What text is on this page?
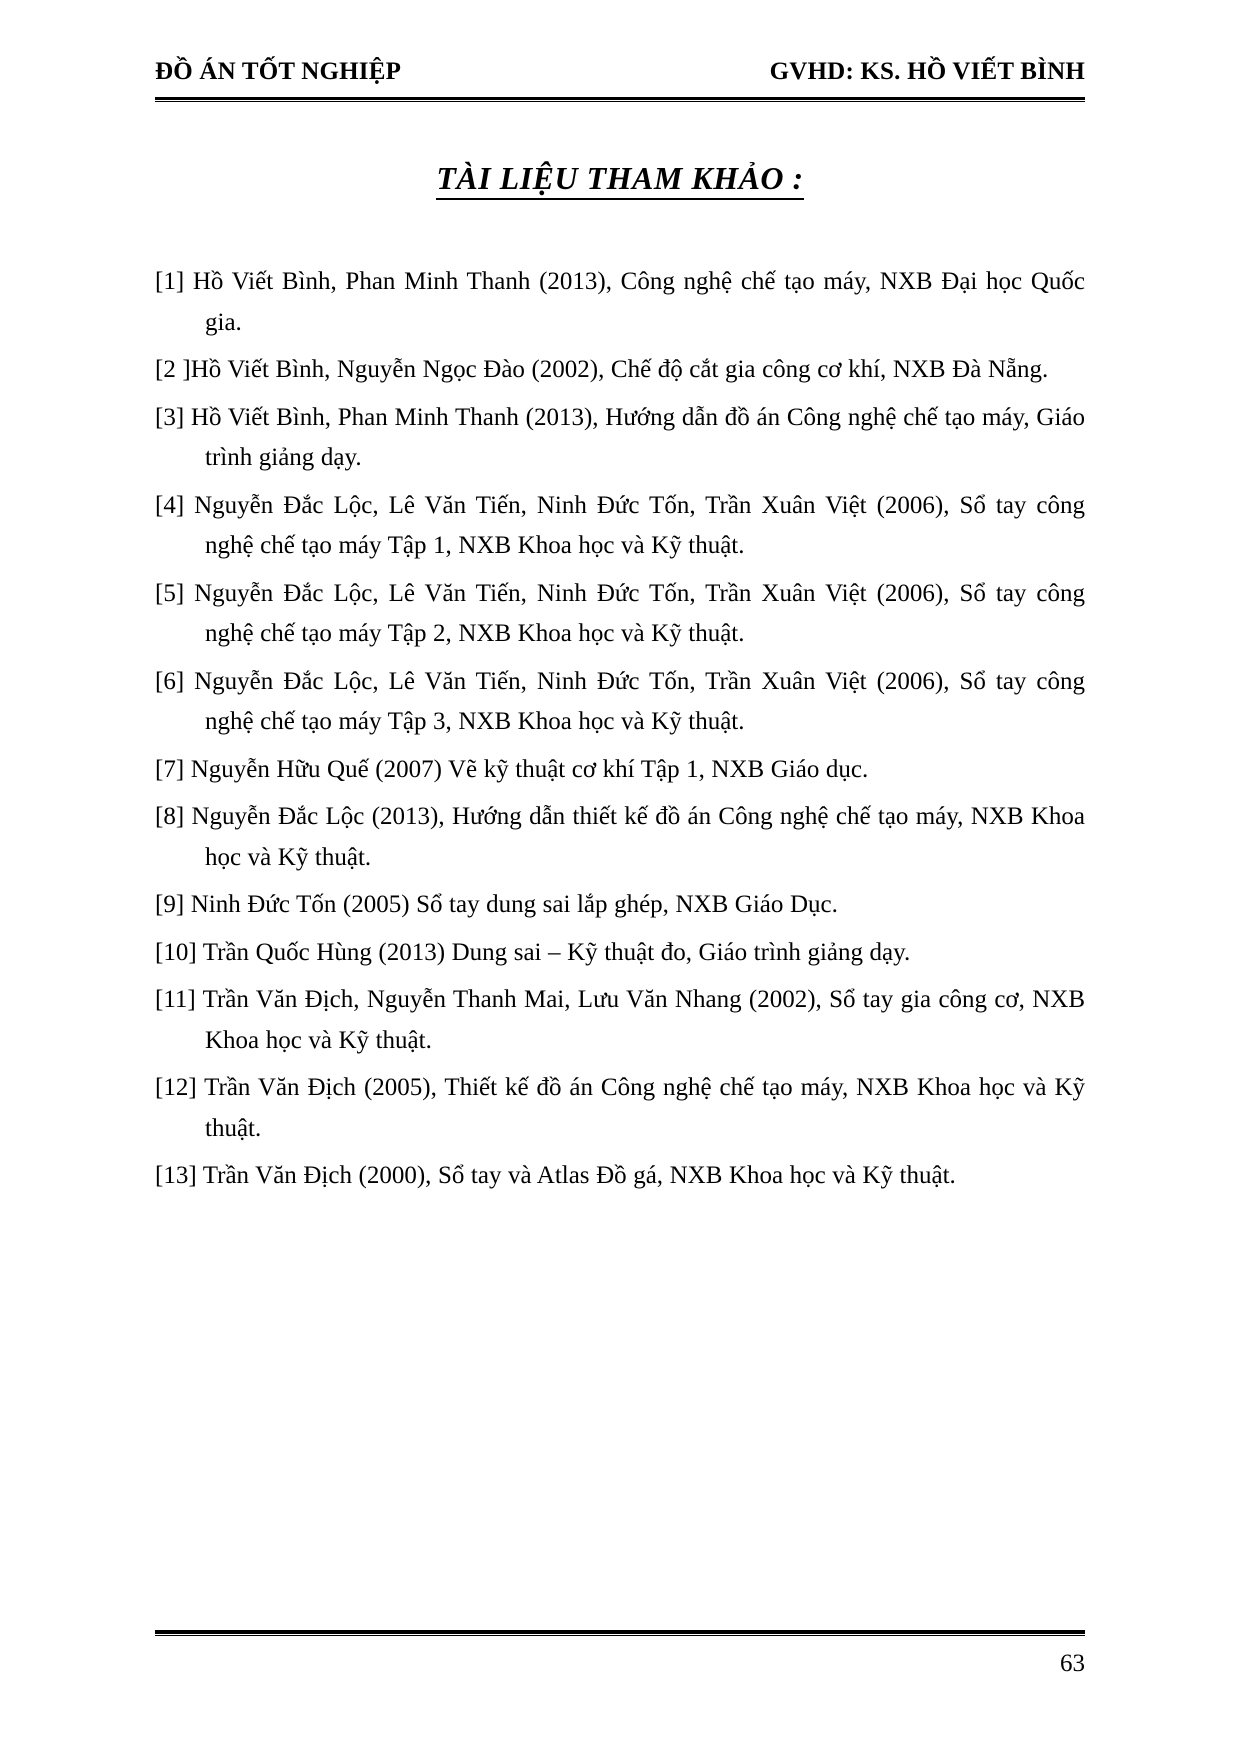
ĐỒ ÁN TỐT NGHIỆP	GVHD: KS. HỒ VIẾT BÌNH
TÀI LIỆU THAM KHẢO :

[1] Hồ Viết Bình, Phan Minh Thanh (2013), Công nghệ chế tạo máy, NXB Đại học Quốc gia.

[2 ]Hồ Viết Bình, Nguyễn Ngọc Đào (2002), Chế độ cắt gia công cơ khí, NXB Đà Nẵng.

[3] Hồ Viết Bình, Phan Minh Thanh (2013), Hướng dẫn đồ án Công nghệ chế tạo máy, Giáo trình giảng dạy.

[4] Nguyễn Đắc Lộc, Lê Văn Tiến, Ninh Đức Tốn, Trần Xuân Việt (2006), Sổ tay công nghệ chế tạo máy Tập 1, NXB Khoa học và Kỹ thuật.

[5] Nguyễn Đắc Lộc, Lê Văn Tiến, Ninh Đức Tốn, Trần Xuân Việt (2006), Sổ tay công nghệ chế tạo máy Tập 2, NXB Khoa học và Kỹ thuật.

[6] Nguyễn Đắc Lộc, Lê Văn Tiến, Ninh Đức Tốn, Trần Xuân Việt (2006), Sổ tay công nghệ chế tạo máy Tập 3, NXB Khoa học và Kỹ thuật.

[7] Nguyễn Hữu Quế (2007) Vẽ kỹ thuật cơ khí Tập 1, NXB Giáo dục.

[8] Nguyễn Đắc Lộc (2013), Hướng dẫn thiết kế đồ án Công nghệ chế tạo máy, NXB Khoa học và Kỹ thuật.

[9] Ninh Đức Tốn (2005) Sổ tay dung sai lắp ghép, NXB Giáo Dục.

[10] Trần Quốc Hùng (2013) Dung sai – Kỹ thuật đo, Giáo trình giảng dạy.

[11] Trần Văn Địch, Nguyễn Thanh Mai, Lưu Văn Nhang (2002), Sổ tay gia công cơ, NXB Khoa học và Kỹ thuật.

[12] Trần Văn Địch (2005), Thiết kế đồ án Công nghệ chế tạo máy, NXB Khoa học và Kỹ thuật.

[13] Trần Văn Địch (2000), Sổ tay và Atlas Đồ gá, NXB Khoa học và Kỹ thuật.

63
